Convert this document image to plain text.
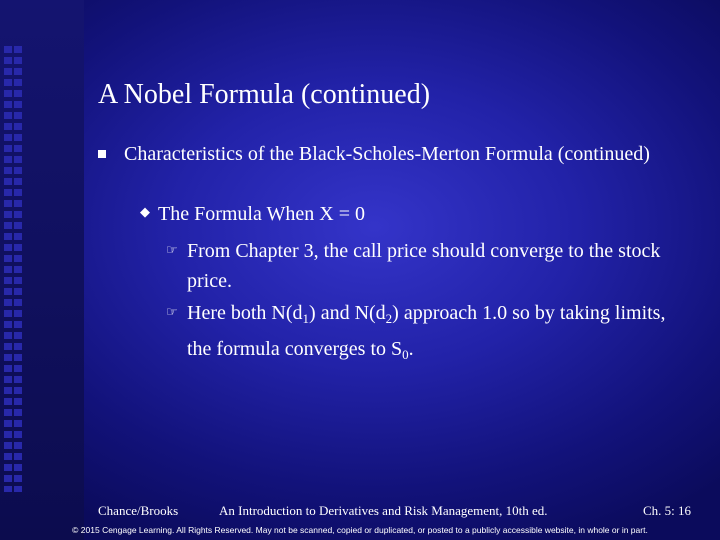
A Nobel Formula (continued)
Characteristics of the Black-Scholes-Merton Formula (continued)
◆ The Formula When X = 0
☞ From Chapter 3, the call price should converge to the stock price.
☞ Here both $N(d_1)$ and $N(d_2)$ approach 1.0 so by taking limits, the formula converges to $S_0$.
Chance/Brooks	An Introduction to Derivatives and Risk Management, 10th ed.	Ch. 5: 16
© 2015 Cengage Learning. All Rights Reserved. May not be scanned, copied or duplicated, or posted to a publicly accessible website, in whole or in part.
